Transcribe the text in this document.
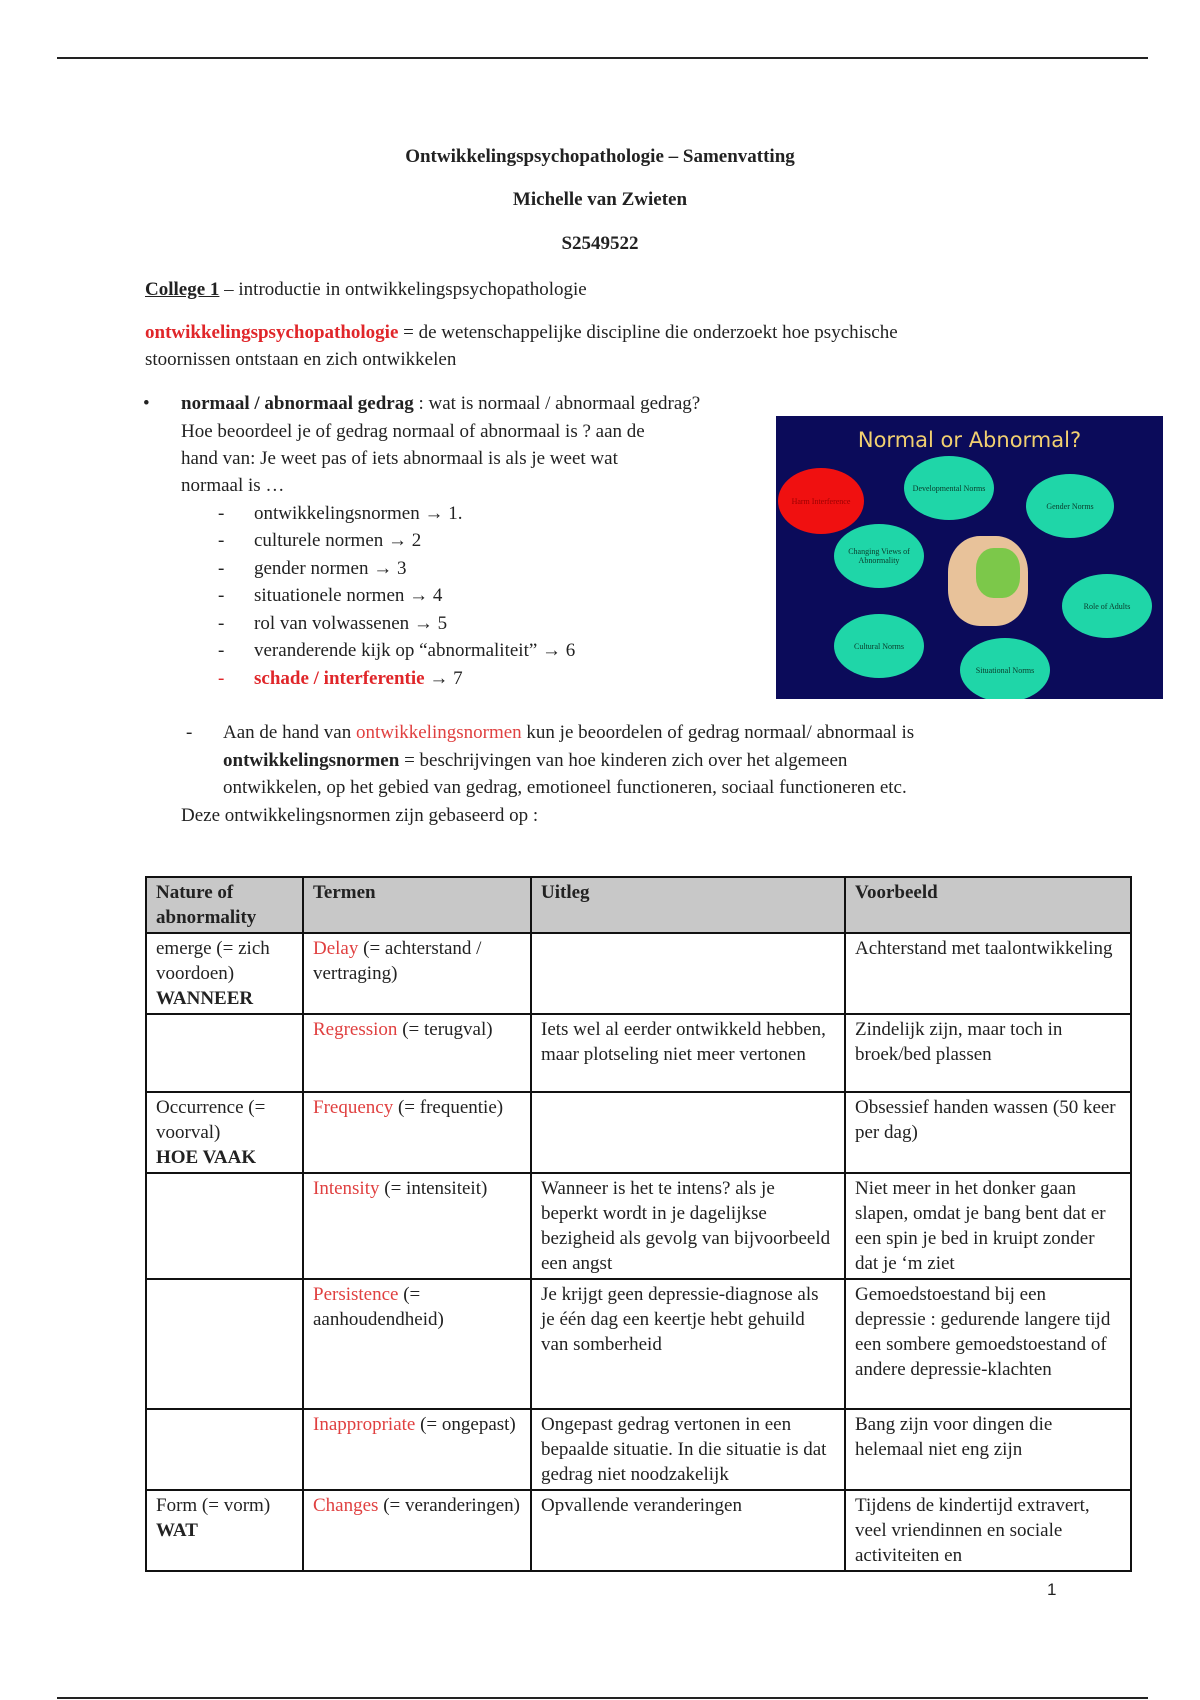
Ontwikkelingspsychopathologie – Samenvatting
Michelle van Zwieten
S2549522
College 1 – introductie in ontwikkelingspsychopathologie
ontwikkelingspsychopathologie = de wetenschappelijke discipline die onderzoekt hoe psychische
stoornissen ontstaan en zich ontwikkelen
• normaal / abnormaal gedrag : wat is normaal / abnormaal gedrag?
Hoe beoordeel je of gedrag normaal of abnormaal is ? aan de
hand van: Je weet pas of iets abnormaal is als je weet wat
normaal is …
- ontwikkelingsnormen → 1.
- culturele normen → 2
- gender normen → 3
- situationele normen → 4
- rol van volwassenen → 5
- veranderende kijk op “abnormaliteit” → 6
- schade / interferentie → 7
Normal or Abnormal?
Harm Interference
Developmental Norms
Gender Norms
Changing Views of Abnormality
Role of Adults
Cultural Norms
Situational Norms
- Aan de hand van ontwikkelingsnormen kun je beoordelen of gedrag normaal/ abnormaal is
ontwikkelingsnormen = beschrijvingen van hoe kinderen zich over het algemeen
ontwikkelen, op het gebied van gedrag, emotioneel functioneren, sociaal functioneren etc.
Deze ontwikkelingsnormen zijn gebaseerd op :
Nature of abnormality	Termen	Uitleg	Voorbeeld
emerge (= zich voordoen)
WANNEER	Delay (= achterstand / vertraging)		Achterstand met taalontwikkeling

	Regression (= terugval)	Iets wel al eerder ontwikkeld hebben, maar plotseling niet meer vertonen	Zindelijk zijn, maar toch in broek/bed plassen
Occurrence (= voorval)
HOE VAAK	Frequency (= frequentie)		Obsessief handen wassen (50 keer per dag)

	Intensity (= intensiteit)	Wanneer is het te intens? als je beperkt wordt in je dagelijkse bezigheid als gevolg van bijvoorbeeld een angst	Niet meer in het donker gaan slapen, omdat je bang bent dat er een spin je bed in kruipt zonder dat je ‘m ziet

	Persistence (= aanhoudendheid)	Je krijgt geen depressie-diagnose als je één dag een keertje hebt gehuild van somberheid	Gemoedstoestand bij een depressie : gedurende langere tijd een sombere gemoedstoestand of andere depressie-klachten

	Inappropriate (= ongepast)	Ongepast gedrag vertonen in een bepaalde situatie. In die situatie is dat gedrag niet noodzakelijk	Bang zijn voor dingen die helemaal niet eng zijn
Form (= vorm)
WAT	Changes (= veranderingen)	Opvallende veranderingen	Tijdens de kindertijd extravert, veel vriendinnen en sociale activiteiten en
1
